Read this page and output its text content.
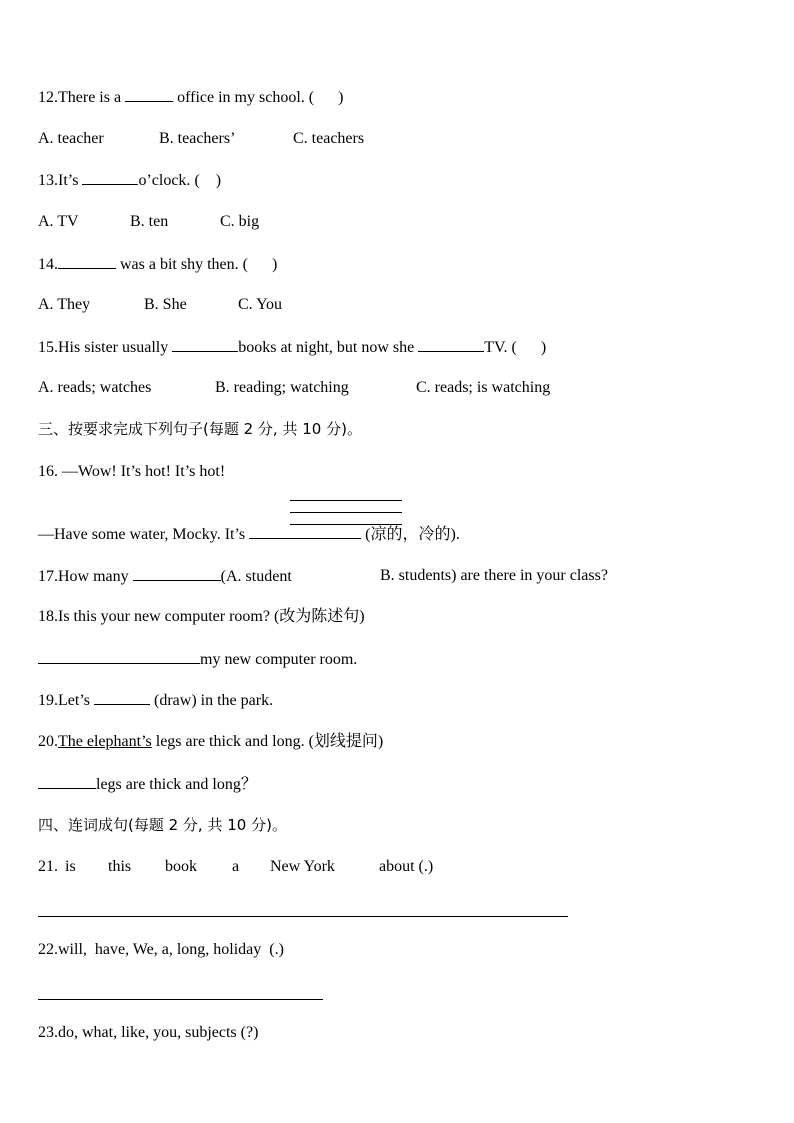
12.There is a	office in my school. (      )
A. teacher	B. teachers’	C. teachers
13.It’s	o’clock. (    )
A. TV	B. ten	C. big
14.	was a bit shy then. (      )
A. They	B. She	C. You
15.His sister usually	books at night, but now she	TV. (      )
A. reads; watches	B. reading; watching	C. reads; is watching
三、按要求完成下列句子(每题 2 分, 共 10 分)。
16. —Wow! It’s hot! It’s hot!
—Have some water, Mocky. It’s	(凉的，冷的).
17.How many	(A. student	B. students) are there in your class?
18.Is this your new computer room? (改为陈述句)
my new computer room.
19.Let’s	(draw) in the park.
20.The elephant’s legs are thick and long. (划线提问)
legs are thick and long？
四、连词成句(每题 2 分, 共 10 分)。
21. is this book a New York	about (.)
22.will,  have, We, a, long, holiday  (.)
23.do, what, like, you, subjects (?)
